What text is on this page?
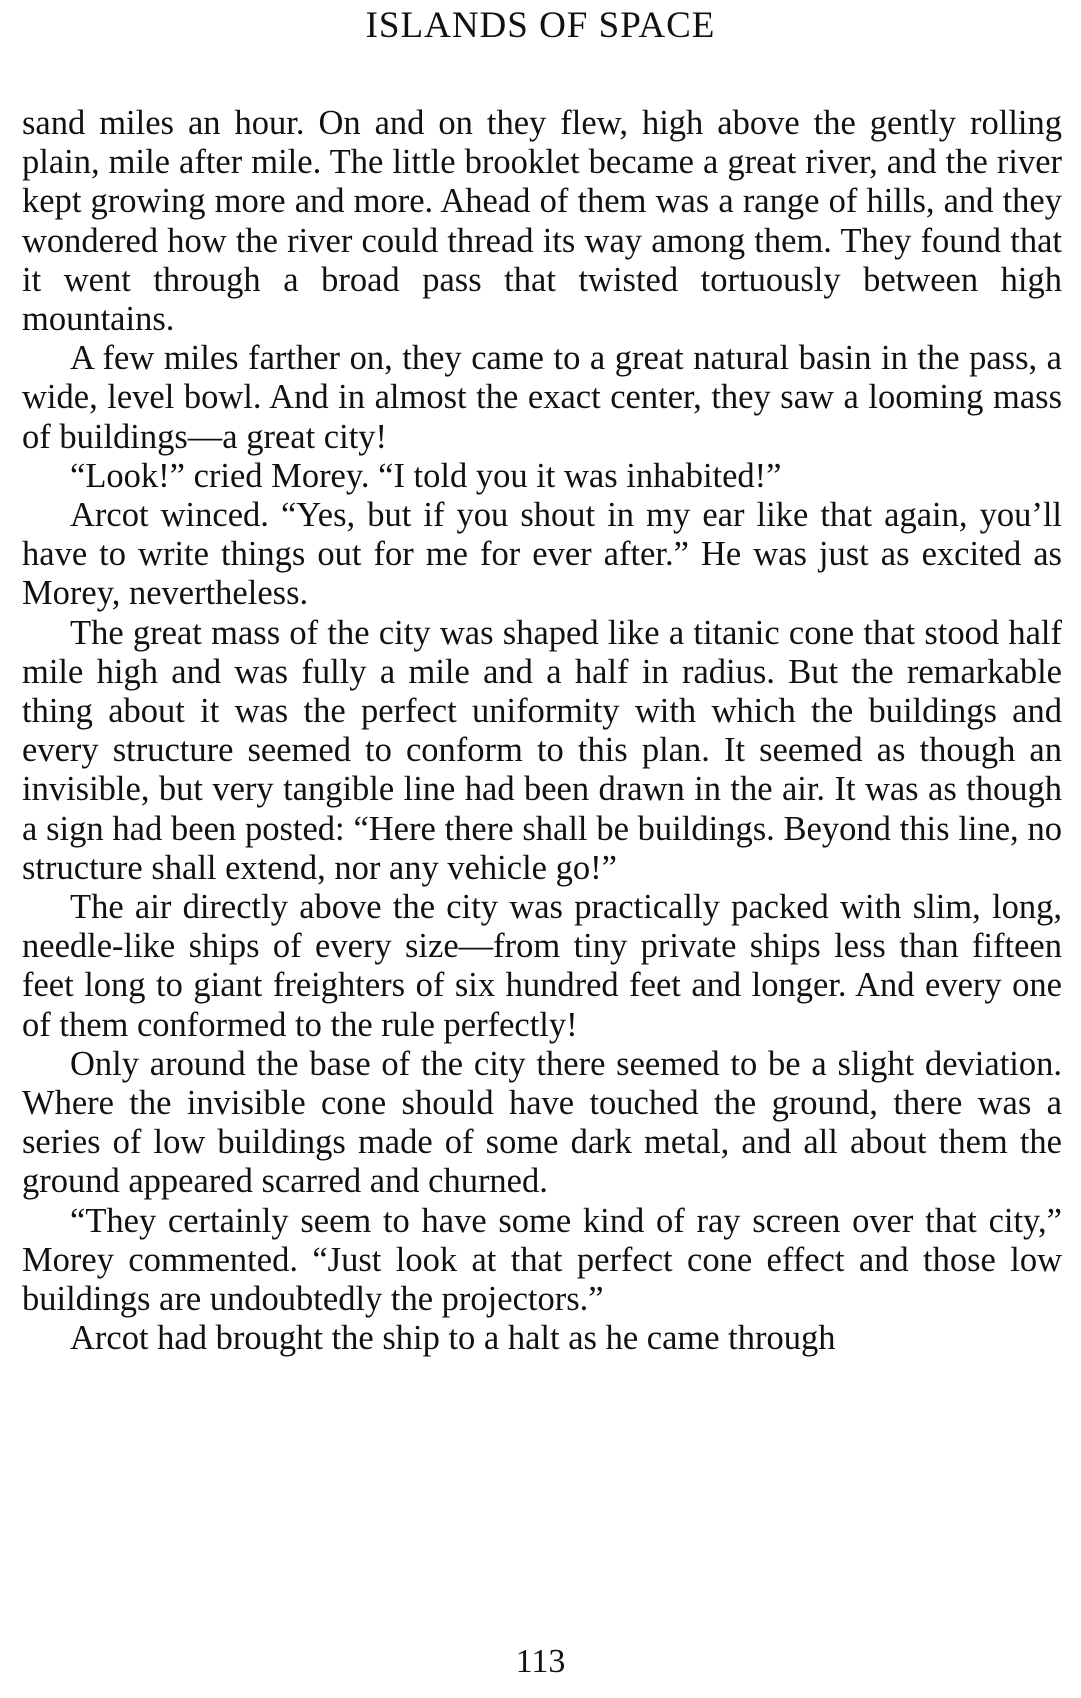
ISLANDS OF SPACE

sand miles an hour. On and on they flew, high above the gently rolling plain, mile after mile. The little brooklet became a great river, and the river kept growing more and more. Ahead of them was a range of hills, and they wondered how the river could thread its way among them. They found that it went through a broad pass that twisted tortuously between high mountains.

A few miles farther on, they came to a great natural basin in the pass, a wide, level bowl. And in almost the exact center, they saw a looming mass of buildings—a great city!

“Look!” cried Morey. “I told you it was inhabited!”

Arcot winced. “Yes, but if you shout in my ear like that again, you’ll have to write things out for me for ever after.” He was just as excited as Morey, nevertheless.

The great mass of the city was shaped like a titanic cone that stood half mile high and was fully a mile and a half in radius. But the remarkable thing about it was the perfect uniformity with which the buildings and every structure seemed to conform to this plan. It seemed as though an invisible, but very tangible line had been drawn in the air. It was as though a sign had been posted: “Here there shall be buildings. Beyond this line, no structure shall extend, nor any vehicle go!”

The air directly above the city was practically packed with slim, long, needle-like ships of every size—from tiny private ships less than fifteen feet long to giant freighters of six hundred feet and longer. And every one of them conformed to the rule perfectly!

Only around the base of the city there seemed to be a slight deviation. Where the invisible cone should have touched the ground, there was a series of low buildings made of some dark metal, and all about them the ground appeared scarred and churned.

“They certainly seem to have some kind of ray screen over that city,” Morey commented. “Just look at that perfect cone effect and those low buildings are undoubtedly the projectors.”

Arcot had brought the ship to a halt as he came through

113
